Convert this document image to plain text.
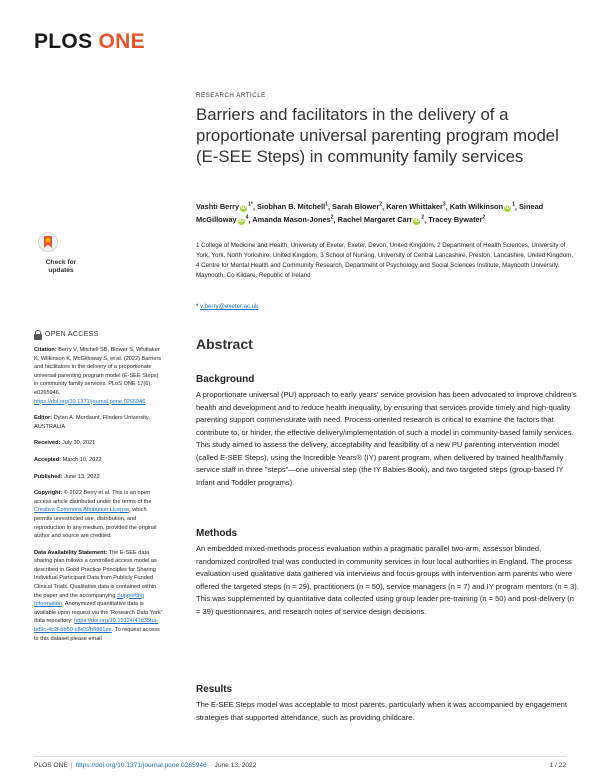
PLOS ONE
RESEARCH ARTICLE
Barriers and facilitators in the delivery of a proportionate universal parenting program model (E-SEE Steps) in community family services
Vashti Berry $iD^{1*}$, Siobhan B. Mitchell$^1$, Sarah Blower$^2$, Karen Whittaker$^3$, Kath Wilkinson $iD^1$, Sinead McGilloway $iD^4$, Amanda Mason-Jones$^2$, Rachel Margaret Carr $iD^2$, Tracey Bywater$^2$
1 College of Medicine and Health, University of Exeter, Exeter, Devon, United Kingdom, 2 Department of Health Sciences, University of York, York, North Yorkshire, United Kingdom, 3 School of Nursing, University of Central Lancashire, Preston, Lancashire, United Kingdom, 4 Centre for Mental Health and Community Research, Department of Psychology and Social Sciences Institute, Maynooth University, Maynooth, Co Kildare, Republic of Ireland
* v.berry@exeter.ac.uk
Check for
updates
OPEN ACCESS
Citation: Berry V, Mitchell SB, Blower S, Whittaker K, Wilkinson K, McGilloway S, et al. (2022) Barriers and facilitators in the delivery of a proportionate universal parenting program model (E-SEE Steps) in community family services. PLoS ONE 17(6): e0265946. https://doi.org/10.1371/journal.pone.0265946
Editor: Dylan A. Mordaunt, Flinders University, AUSTRALIA
Received: July 30, 2021
Accepted: March 10, 2022
Published: June 13, 2022
Copyright: © 2022 Berry et al. This is an open access article distributed under the terms of the Creative Commons Attribution License, which permits unrestricted use, distribution, and reproduction in any medium, provided the original author and source are credited.
Data Availability Statement: The E-SEE data sharing plan follows a controlled access model as described in Good Practice Principles for Sharing Individual Participant Data from Publicly Funded Clinical Trials. Qualitative data is contained within the paper and the accompanying Supporting Information. Anonymized quantitative data is available upon request via the 'Research Data York' data repository: https://doi.org/10.15124/41d35ba-bd9c-4c2f-bb50-c8d32b8861ee. To request access to this dataset please email
Abstract
Background

A proportionate universal (PU) approach to early years' service provision has been advocated to improve children's health and development and to reduce health inequality, by ensuring that services provide timely and high-quality parenting support commensurate with need. Process-oriented research is critical to examine the factors that contribute to, or hinder, the effective delivery/implementation of such a model in community-based family services. This study aimed to assess the delivery, acceptability and feasibility of a new PU parenting intervention model (called E-SEE Steps), using the Incredible Years® (IY) parent program, when delivered by trained health/family service staff in three "steps"—one universal step (the IY Babies Book), and two targeted steps (group-based IY Infant and Toddler programs).

Methods

An embedded mixed-methods process evaluation within a pragmatic parallel two-arm, assessor blinded, randomized controlled trial was conducted in community services in four local authorities in England. The process evaluation used qualitative data gathered via interviews and focus groups with intervention arm parents who were offered the targeted steps (n = 29), practitioners (n = 50), service managers (n = 7) and IY program mentors (n = 3). This was supplemented by quantitative data collected using group leader pre-training (n = 50) and post-delivery (n = 39) questionnaires, and research notes of service design decisions.

Results

The E-SEE Steps model was acceptable to most parents, particularly when it was accompanied by engagement strategies that supported attendance, such as providing childcare.

PLOS ONE | https://doi.org/10.1371/journal.pone.0265946 June 13, 2022	1 / 22
